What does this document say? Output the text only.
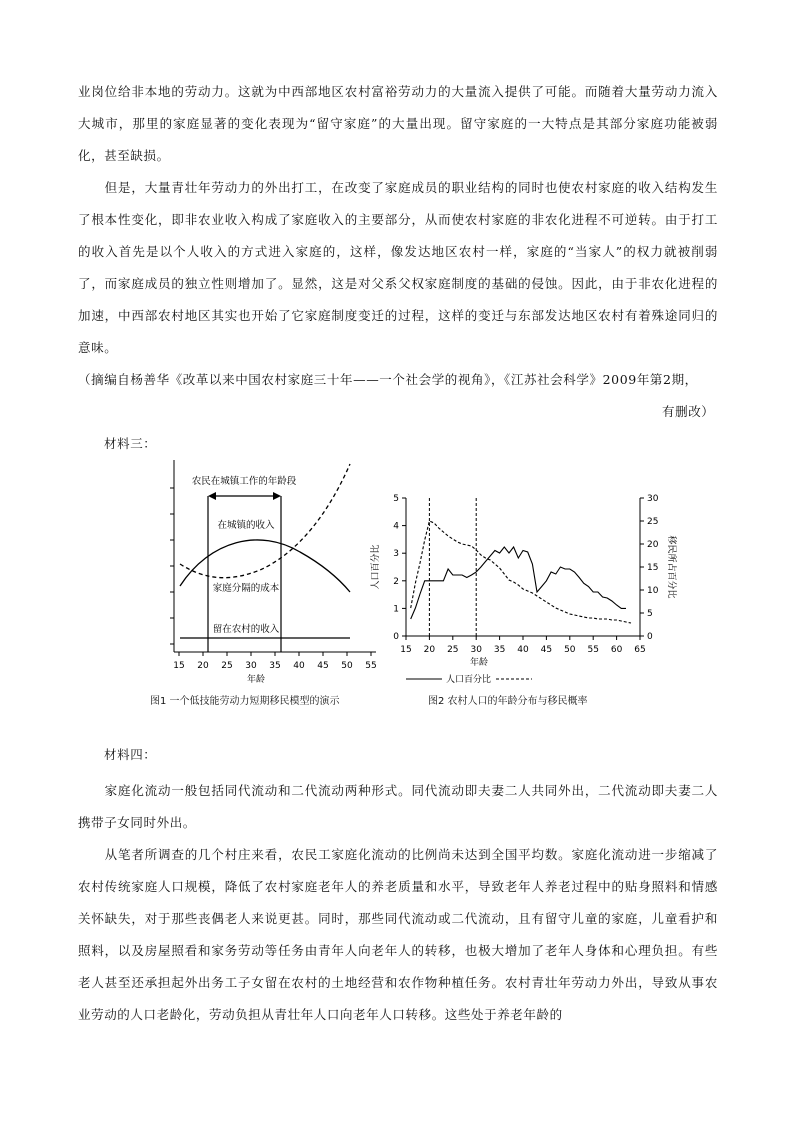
业岗位给非本地的劳动力。这就为中西部地区农村富裕劳动力的大量流入提供了可能。而随着大量劳动力流入大城市，那里的家庭显著的变化表现为“留守家庭”的大量出现。留守家庭的一大特点是其部分家庭功能被弱化，甚至缺损。

　　但是，大量青壮年劳动力的外出打工，在改变了家庭成员的职业结构的同时也使农村家庭的收入结构发生了根本性变化，即非农业收入构成了家庭收入的主要部分，从而使农村家庭的非农化进程不可逆转。由于打工的收入首先是以个人收入的方式进入家庭的，这样，像发达地区农村一样，家庭的“当家人”的权力就被削弱了，而家庭成员的独立性则增加了。显然，这是对父系父权家庭制度的基础的侵蚀。因此，由于非农化进程的加速，中西部农村地区其实也开始了它家庭制度变迁的过程，这样的变迁与东部发达地区农村有着殊途同归的意味。

（摘编自杨善华《改革以来中国农村家庭三十年——一个社会学的视角》，《江苏社会科学》2009年第2期，
有删改）
材料三：
15 20 25 30 35 40 45 50 55
年龄
农民在城镇工作的年龄段
在城镇的收入
家庭分隔的成本
留在农村的收入
图1 一个低技能劳动力短期移民模型的演示
5
4
3
2
1
0
30
25
20
15
10
5
0
15 20 25 30 35 40 45 50 55 60 65
年龄
人口百分比	移民所占百分比
人口百分比
图2 农村人口的年龄分布与移民概率
材料四：

　　家庭化流动一般包括同代流动和二代流动两种形式。同代流动即夫妻二人共同外出，二代流动即夫妻二人携带子女同时外出。

　　从笔者所调查的几个村庄来看，农民工家庭化流动的比例尚未达到全国平均数。家庭化流动进一步缩减了农村传统家庭人口规模，降低了农村家庭老年人的养老质量和水平，导致老年人养老过程中的贴身照料和情感关怀缺失，对于那些丧偶老人来说更甚。同时，那些同代流动或二代流动，且有留守儿童的家庭，儿童看护和照料，以及房屋照看和家务劳动等任务由青年人向老年人的转移，也极大增加了老年人身体和心理负担。有些老人甚至还承担起外出务工子女留在农村的土地经营和农作物种植任务。农村青壮年劳动力外出，导致从事农业劳动的人口老龄化，劳动负担从青壮年人口向老年人口转移。这些处于养老年龄的
